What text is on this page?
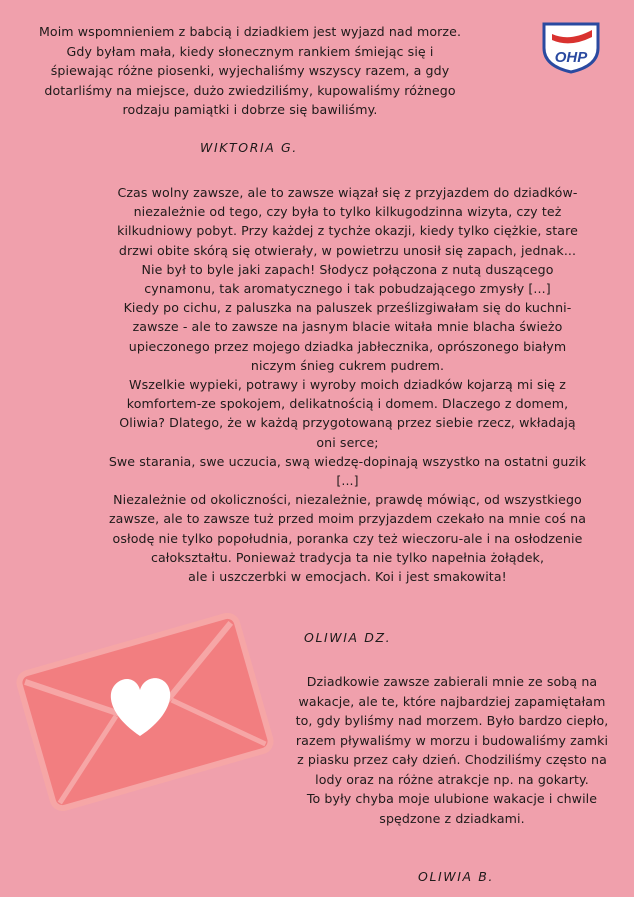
OHP
Moim wspomnieniem z babcią i dziadkiem jest wyjazd nad morze.
Gdy byłam mała, kiedy słonecznym rankiem śmiejąc się i
śpiewając różne piosenki, wyjechaliśmy wszyscy razem, a gdy
dotarliśmy na miejsce, dużo zwiedziliśmy, kupowaliśmy różnego
rodzaju pamiątki i dobrze się bawiliśmy.
WIKTORIA G.
Czas wolny zawsze, ale to zawsze wiązał się z przyjazdem do dziadków-
niezależnie od tego, czy była to tylko kilkugodzinna wizyta, czy też
kilkudniowy pobyt. Przy każdej z tychże okazji, kiedy tylko ciężkie, stare
drzwi obite skórą się otwierały, w powietrzu unosił się zapach, jednak...
Nie był to byle jaki zapach! Słodycz połączona z nutą duszącego
cynamonu, tak aromatycznego i tak pobudzającego zmysły [...]
Kiedy po cichu, z paluszka na paluszek prześlizgiwałam się do kuchni-
zawsze - ale to zawsze na jasnym blacie witała mnie blacha świeżo
upieczonego przez mojego dziadka jabłecznika, oprószonego białym
niczym śnieg cukrem pudrem.
Wszelkie wypieki, potrawy i wyroby moich dziadków kojarzą mi się z
komfortem-ze spokojem, delikatnością i domem. Dlaczego z domem,
Oliwia? Dlatego, że w każdą przygotowaną przez siebie rzecz, wkładają
oni serce;
Swe starania, swe uczucia, swą wiedzę-dopinają wszystko na ostatni guzik
[...]
Niezależnie od okoliczności, niezależnie, prawdę mówiąc, od wszystkiego
zawsze, ale to zawsze tuż przed moim przyjazdem czekało na mnie coś na
osłodę nie tylko popołudnia, poranka czy też wieczoru-ale i na osłodzenie
całokształtu. Ponieważ tradycja ta nie tylko napełnia żołądek,
ale i uszczerbki w emocjach. Koi i jest smakowita!
OLIWIA DZ.
Dziadkowie zawsze zabierali mnie ze sobą na
wakacje, ale te, które najbardziej zapamiętałam
to, gdy byliśmy nad morzem. Było bardzo ciepło,
razem pływaliśmy w morzu i budowaliśmy zamki
z piasku przez cały dzień. Chodziliśmy często na
lody oraz na różne atrakcje np. na gokarty.
To były chyba moje ulubione wakacje i chwile
spędzone z dziadkami.
OLIWIA B.
